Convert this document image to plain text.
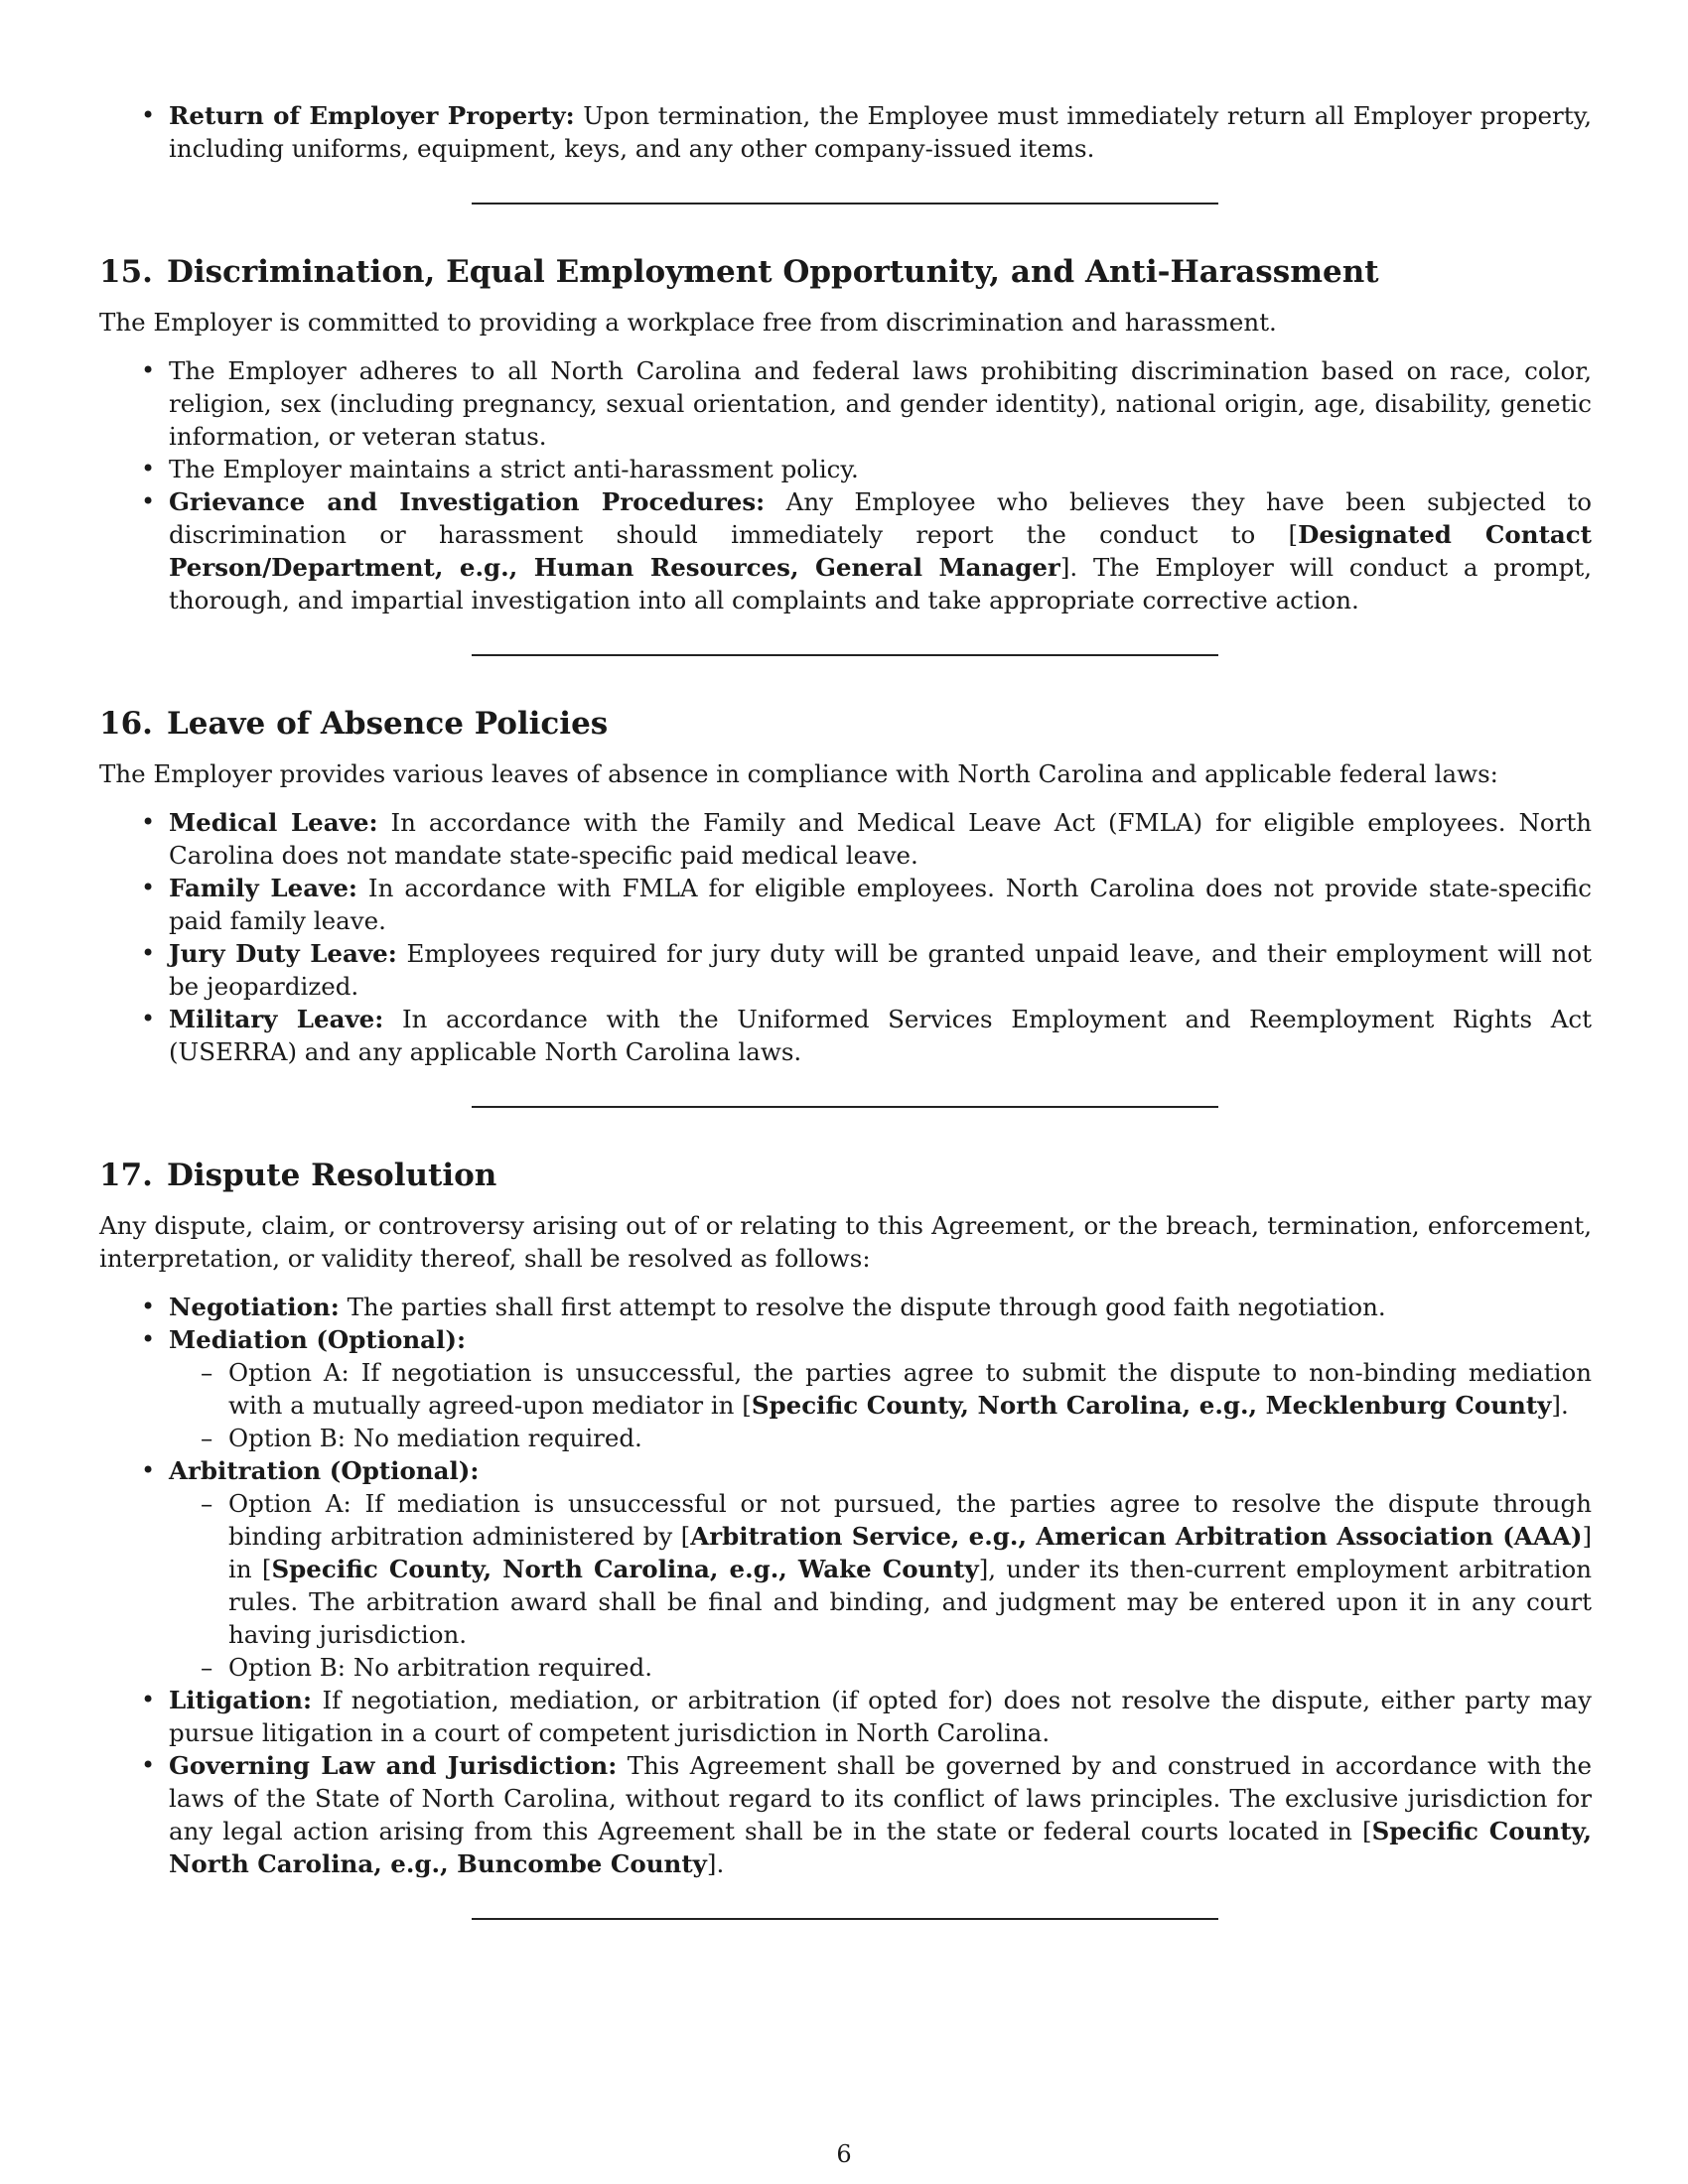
• Return of Employer Property: Upon termination, the Employee must immediately return all Employer property, including uniforms, equipment, keys, and any other company-issued items.
15. Discrimination, Equal Employment Opportunity, and Anti-Harassment

The Employer is committed to providing a workplace free from discrimination and harassment.

• The Employer adheres to all North Carolina and federal laws prohibiting discrimination based on race, color, religion, sex (including pregnancy, sexual orientation, and gender identity), national origin, age, disability, genetic information, or veteran status.
• The Employer maintains a strict anti-harassment policy.
• Grievance and Investigation Procedures: Any Employee who believes they have been subjected to discrimination or harassment should immediately report the conduct to [Designated Contact Person/Department, e.g., Human Resources, General Manager]. The Employer will conduct a prompt, thorough, and impartial investigation into all complaints and take appropriate corrective action.
16. Leave of Absence Policies

The Employer provides various leaves of absence in compliance with North Carolina and applicable federal laws:

• Medical Leave: In accordance with the Family and Medical Leave Act (FMLA) for eligible employees. North Carolina does not mandate state-specific paid medical leave.
• Family Leave: In accordance with FMLA for eligible employees. North Carolina does not provide state-specific paid family leave.
• Jury Duty Leave: Employees required for jury duty will be granted unpaid leave, and their employment will not be jeopardized.
• Military Leave: In accordance with the Uniformed Services Employment and Reemployment Rights Act (USERRA) and any applicable North Carolina laws.
17. Dispute Resolution

Any dispute, claim, or controversy arising out of or relating to this Agreement, or the breach, termination, enforcement, interpretation, or validity thereof, shall be resolved as follows:

• Negotiation: The parties shall first attempt to resolve the dispute through good faith negotiation.
• Mediation (Optional):
– Option A: If negotiation is unsuccessful, the parties agree to submit the dispute to non-binding mediation with a mutually agreed-upon mediator in [Specific County, North Carolina, e.g., Mecklenburg County].
– Option B: No mediation required.
• Arbitration (Optional):
– Option A: If mediation is unsuccessful or not pursued, the parties agree to resolve the dispute through binding arbitration administered by [Arbitration Service, e.g., American Arbitration Association (AAA)] in [Specific County, North Carolina, e.g., Wake County], under its then-current employment arbitration rules. The arbitration award shall be final and binding, and judgment may be entered upon it in any court having jurisdiction.
– Option B: No arbitration required.
• Litigation: If negotiation, mediation, or arbitration (if opted for) does not resolve the dispute, either party may pursue litigation in a court of competent jurisdiction in North Carolina.
• Governing Law and Jurisdiction: This Agreement shall be governed by and construed in accordance with the laws of the State of North Carolina, without regard to its conflict of laws principles. The exclusive jurisdiction for any legal action arising from this Agreement shall be in the state or federal courts located in [Specific County, North Carolina, e.g., Buncombe County].
6
